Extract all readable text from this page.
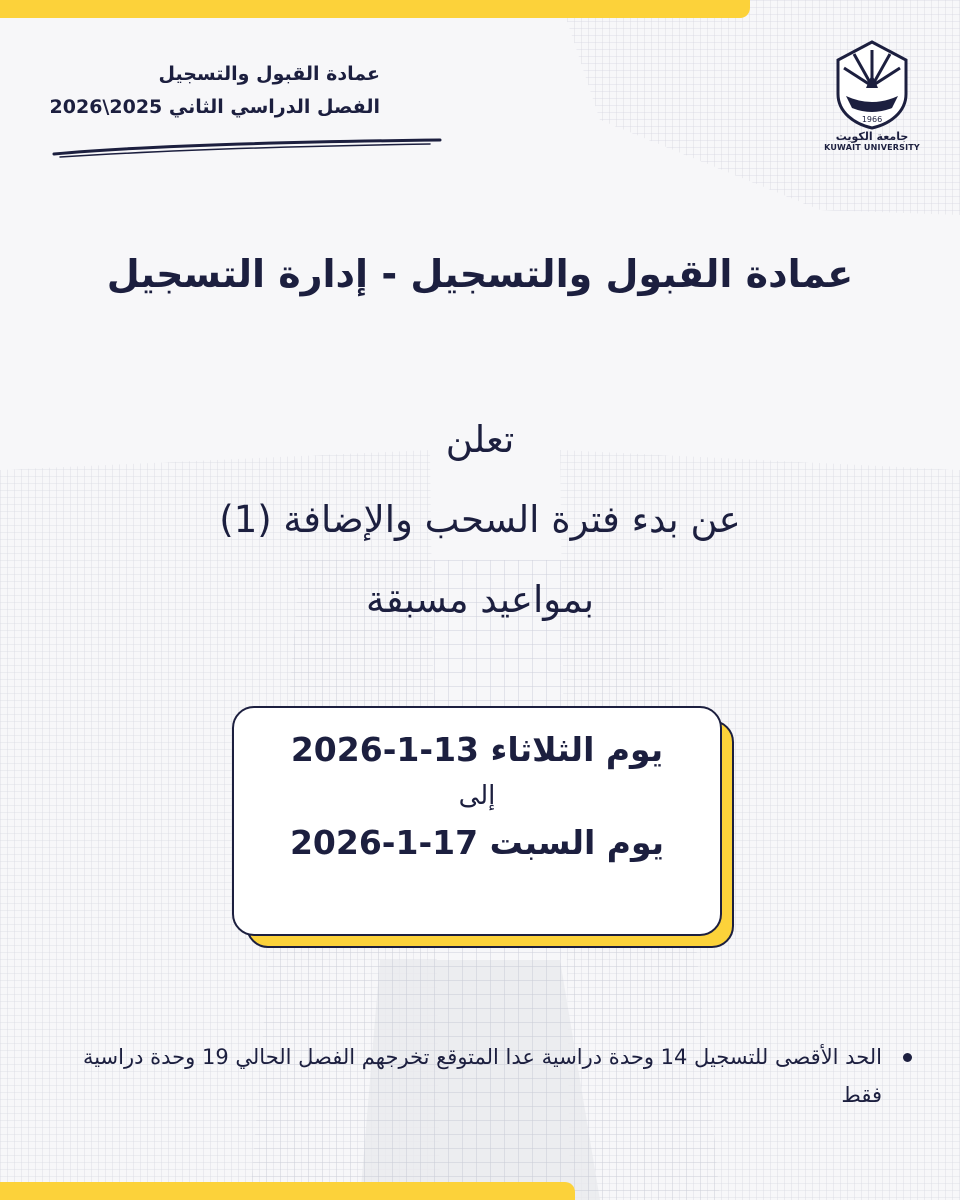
عمادة القبول والتسجيل
الفصل الدراسي الثاني 2025\2026
1966
جامعة الكويت
KUWAIT UNIVERSITY
عمادة القبول والتسجيل - إدارة التسجيل
تعلن
عن بدء فترة السحب والإضافة (1)
بمواعيد مسبقة
يوم الثلاثاء 13-1-2026
إلى
يوم السبت 17-1-2026
الحد الأقصى للتسجيل 14 وحدة دراسية عدا المتوقع تخرجهم الفصل الحالي 19 وحدة دراسية فقط
